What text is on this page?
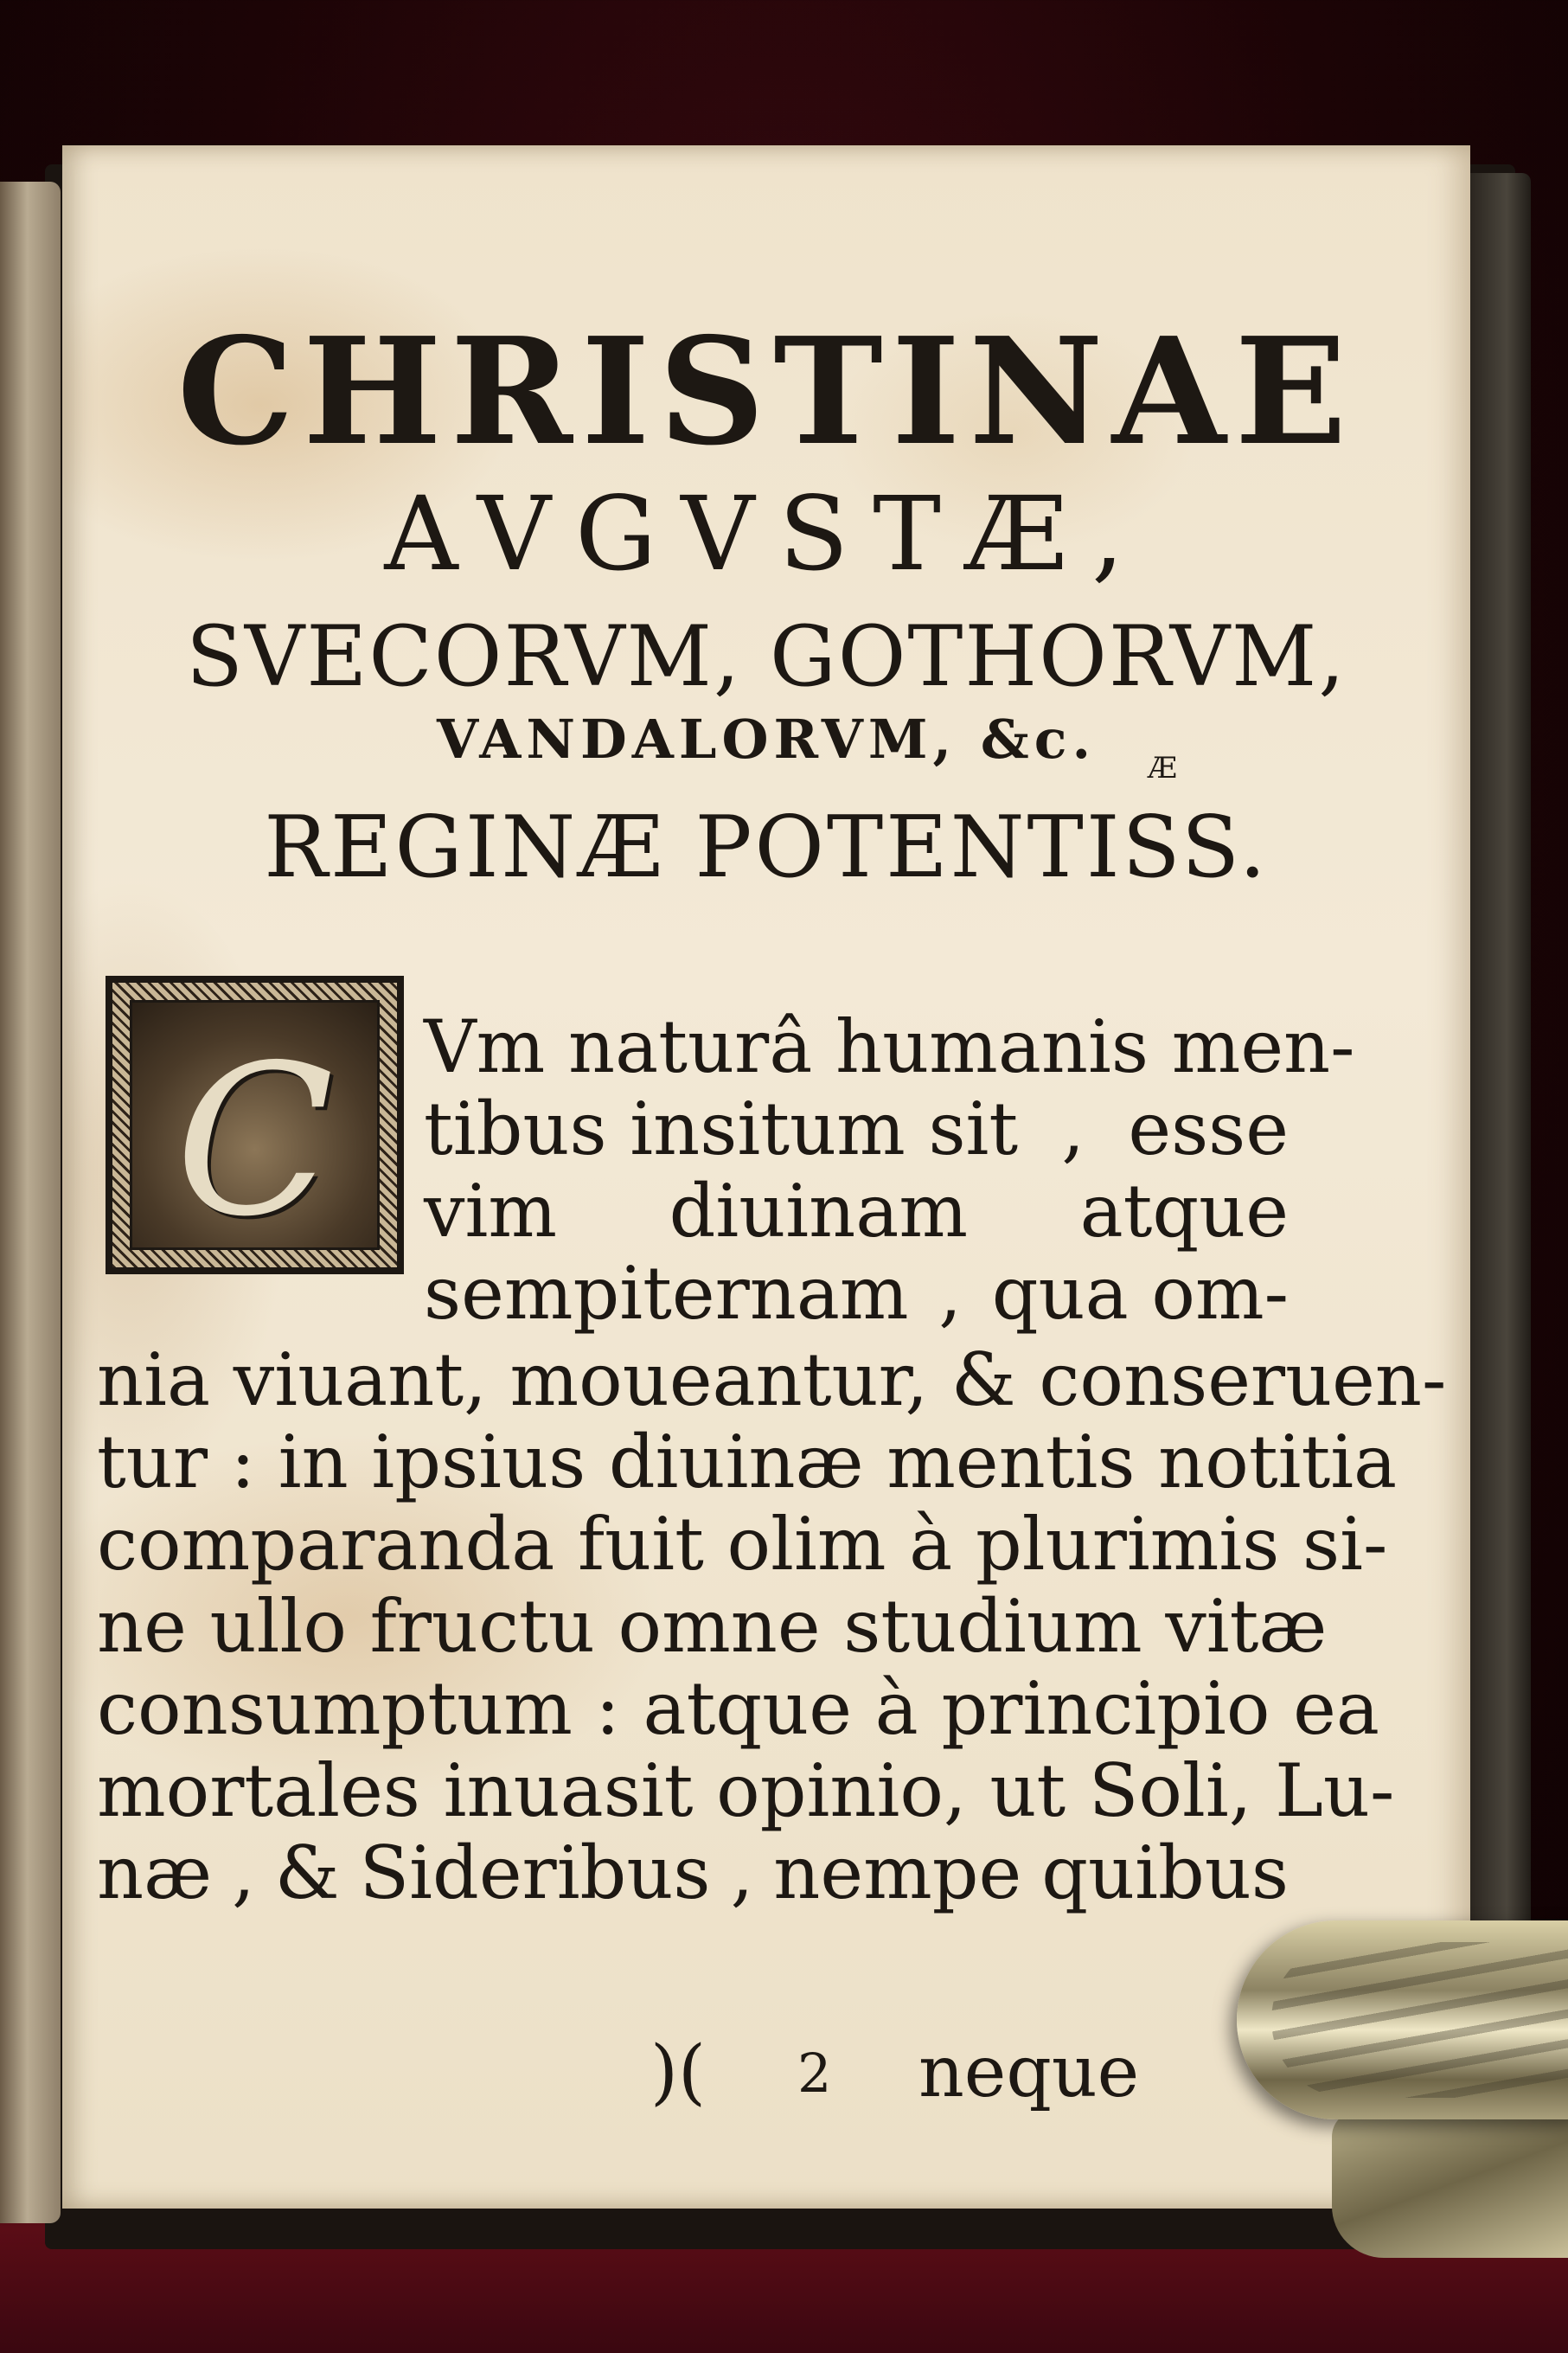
CHRISTINAE
AVGVSTÆ,
SVECORVM, GOTHORVM,
VANDALORVM, &c.	Æ
REGINÆ POTENTISS.
C	Vm naturâ humanis men-
tibus insitum sit , esse
vim diuinam atque
sempiternam , qua om-
nia viuant, moueantur, & conseruen-
tur : in ipsius diuinæ mentis notitia
comparanda fuit olim à plurimis si-
ne ullo fructu omne studium vitæ
consumptum : atque à principio ea
mortales inuasit opinio, ut Soli, Lu-
næ , & Sideribus , nempe quibus
)( 2 neque
